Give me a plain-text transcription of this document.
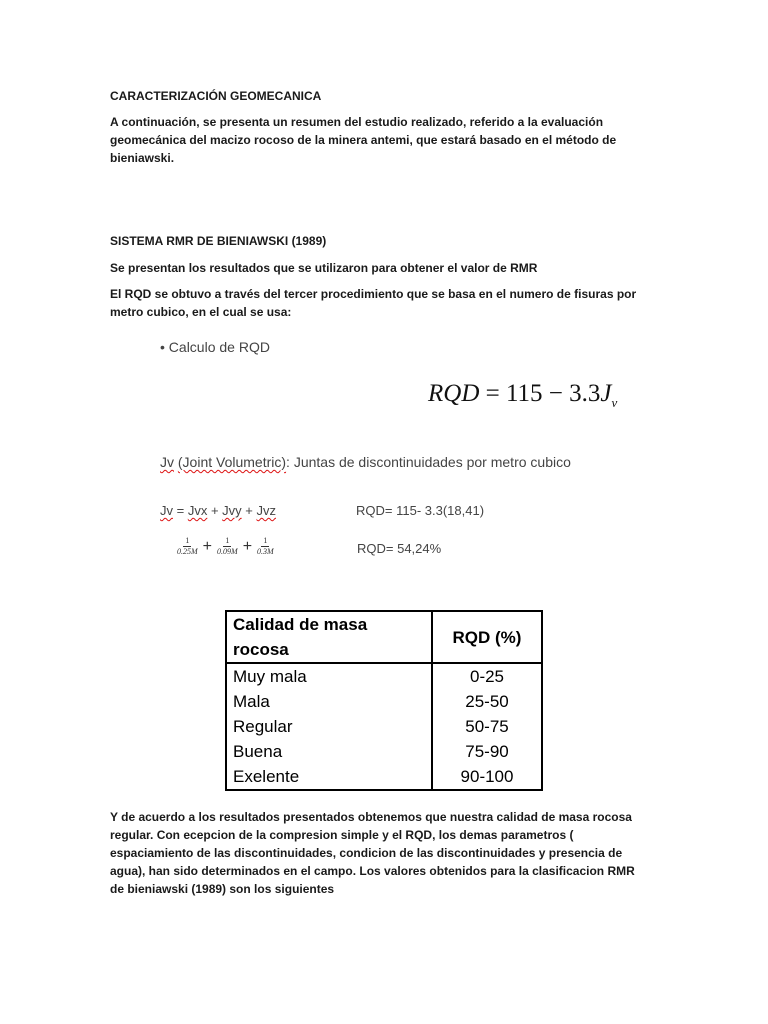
CARACTERIZACIÓN GEOMECANICA

A continuación, se presenta un resumen del estudio realizado, referido a la evaluación geomecánica del macizo rocoso de la minera antemi, que estará basado en el método de bieniawski.

SISTEMA RMR DE BIENIAWSKI (1989)

Se presentan los resultados que se utilizaron para obtener el valor de RMR

El RQD se obtuvo a través del tercer procedimiento que se basa en el numero de fisuras por metro cubico, en el cual se usa:

• Calculo de RQD
RQD = $115 - 3.3J_v$
Jv (Joint Volumetric): Juntas de discontinuidades por metro cubico
Jv = Jvx + Jvy + Jvz	RQD= 115- 3.3(18,41)
$\frac{1}{0.25M} + \frac{1}{0.09M} + \frac{1}{0.3M}$	RQD= 54,24%
Calidad de masa rocosa	RQD (%)
Muy mala	0-25
Mala	25-50
Regular	50-75
Buena	75-90
Exelente	90-100

Y de acuerdo a los resultados presentados obtenemos que nuestra calidad de masa rocosa regular. Con ecepcion de la compresion simple y el RQD, los demas parametros ( espaciamiento de las discontinuidades, condicion de las discontinuidades y presencia de agua), han sido determinados en el campo. Los valores obtenidos para la clasificacion RMR de bieniawski (1989) son los siguientes
